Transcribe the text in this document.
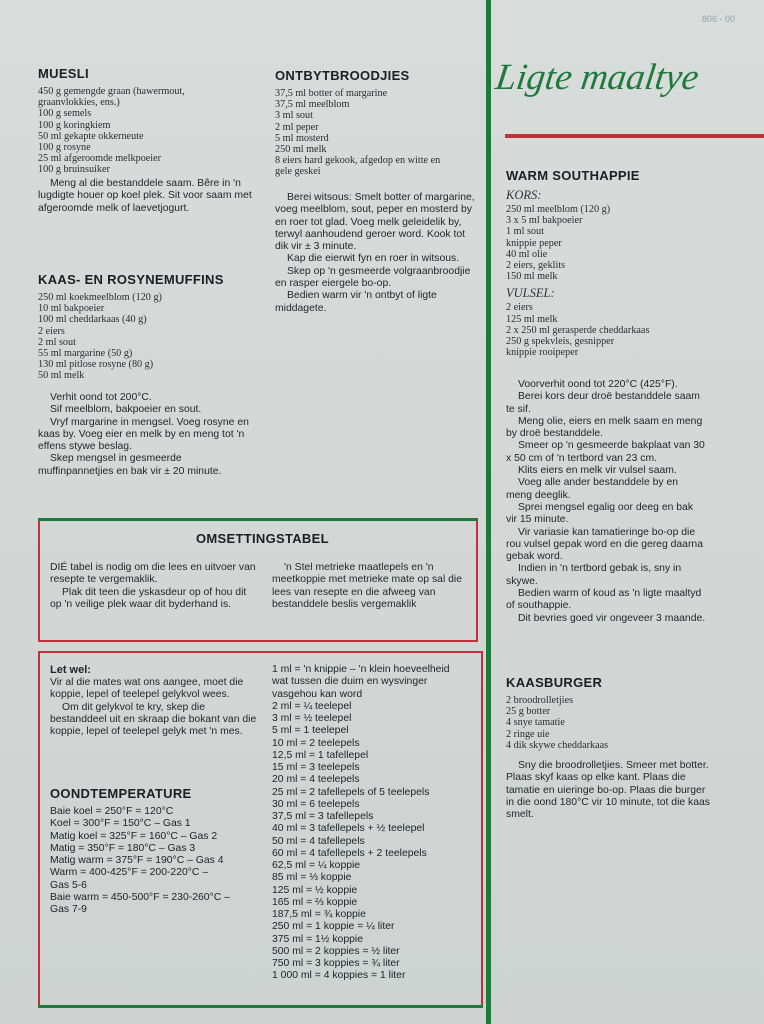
806 - 00
Ligte maaltye
MUESLI
450 g gemengde graan (hawermout,
graanvlokkies, ens.)
100 g semels
100 g koringkiem
50 ml gekapte okkerneute
100 g rosyne
25 ml afgeroomde melkpoeier
100 g bruinsuiker

Meng al die bestanddele saam. Bêre in 'n lugdigte houer op koel plek. Sit voor saam met afgeroomde melk of laevetjogurt.

KAAS- EN ROSYNEMUFFINS
250 ml koekmeelblom (120 g)
10 ml bakpoeier
100 ml cheddarkaas (40 g)
2 eiers
2 ml sout
55 ml margarine (50 g)
130 ml pitlose rosyne (80 g)
50 ml melk

Verhit oond tot 200°C.

Sif meelblom, bakpoeier en sout.

Vryf margarine in mengsel. Voeg rosyne en kaas by. Voeg eier en melk by en meng tot 'n effens stywe beslag.

Skep mengsel in gesmeerde muffinpannetjies en bak vir ± 20 minute.

ONTBYTBROODJIES
37,5 ml botter of margarine
37,5 ml meelblom
3 ml sout
2 ml peper
5 ml mosterd
250 ml melk
8 eiers hard gekook, afgedop en witte en
gele geskei

Berei witsous: Smelt botter of margarine, voeg meelblom, sout, peper en mosterd by en roer tot glad. Voeg melk geleidelik by, terwyl aanhoudend geroer word. Kook tot dik vir ± 3 minute.

Kap die eierwit fyn en roer in witsous.

Skep op 'n gesmeerde volgraanbroodjie en rasper eiergele bo-op.

Bedien warm vir 'n ontbyt of ligte middagete.

WARM SOUTHAPPIE
KORS:
250 ml meelblom (120 g)
3 x 5 ml bakpoeier
1 ml sout
knippie peper
40 ml olie
2 eiers, geklits
150 ml melk
VULSEL:
2 eiers
125 ml melk
2 x 250 ml gerasperde cheddarkaas
250 g spekvleis, gesnipper
knippie rooipeper

Voorverhit oond tot 220°C (425°F).

Berei kors deur droë bestanddele saam te sif.

Meng olie, eiers en melk saam en meng by droë bestanddele.

Smeer op 'n gesmeerde bakplaat van 30 x 50 cm of 'n tertbord van 23 cm.

Klits eiers en melk vir vulsel saam.

Voeg alle ander bestanddele by en meng deeglik.

Sprei mengsel egalig oor deeg en bak vir 15 minute.

Vir variasie kan tamatieringe bo-op die rou vulsel gepak word en die gereg daarna gebak word.

Indien in 'n tertbord gebak is, sny in skywe.

Bedien warm of koud as 'n ligte maaltyd of southappie.

Dit bevries goed vir ongeveer 3 maande.

KAASBURGER
2 broodrolletjies
25 g botter
4 snye tamatie
2 ringe uie
4 dik skywe cheddarkaas

Sny die broodrolletjies. Smeer met botter. Plaas skyf kaas op elke kant. Plaas die tamatie en uieringe bo-op. Plaas die burger in die oond 180°C vir 10 minute, tot die kaas smelt.

OMSETTINGSTABEL

DIÉ tabel is nodig om die lees en uitvoer van resepte te vergemaklik.

Plak dit teen die yskasdeur op of hou dit op 'n veilige plek waar dit byderhand is.

'n Stel metrieke maatlepels en 'n meetkoppie met metrieke mate op sal die lees van resepte en die afweeg van bestanddele beslis vergemaklik

Let wel:

Vir al die mates wat ons aangee, moet die koppie, lepel of teelepel gelykvol wees.

Om dit gelykvol te kry, skep die bestanddeel uit en skraap die bokant van die koppie, lepel of teelepel gelyk met 'n mes.

OONDTEMPERATURE
Baie koel = 250°F = 120°C
Koel = 300°F = 150°C – Gas 1
Matig koel = 325°F = 160°C – Gas 2
Matig = 350°F = 180°C – Gas 3
Matig warm = 375°F = 190°C – Gas 4
Warm = 400-425°F = 200-220°C –
Gas 5-6
Baie warm = 450-500°F = 230-260°C –
Gas 7-9
1 ml = 'n knippie – 'n klein hoeveelheid
wat tussen die duim en wysvinger
vasgehou kan word
2 ml = ¼ teelepel
3 ml = ½ teelepel
5 ml = 1 teelepel
10 ml = 2 teelepels
12,5 ml = 1 tafellepel
15 ml = 3 teelepels
20 ml = 4 teelepels
25 ml = 2 tafellepels of 5 teelepels
30 ml = 6 teelepels
37,5 ml = 3 tafellepels
40 ml = 3 tafellepels + ½ teelepel
50 ml = 4 tafellepels
60 ml = 4 tafellepels + 2 teelepels
62,5 ml = ¼ koppie
85 ml = ⅓ koppie
125 ml = ½ koppie
165 ml = ⅔ koppie
187,5 ml = ¾ koppie
250 ml = 1 koppie = ¼ liter
375 ml = 1½ koppie
500 ml = 2 koppies = ½ liter
750 ml = 3 koppies = ¾ liter
1 000 ml = 4 koppies = 1 liter
